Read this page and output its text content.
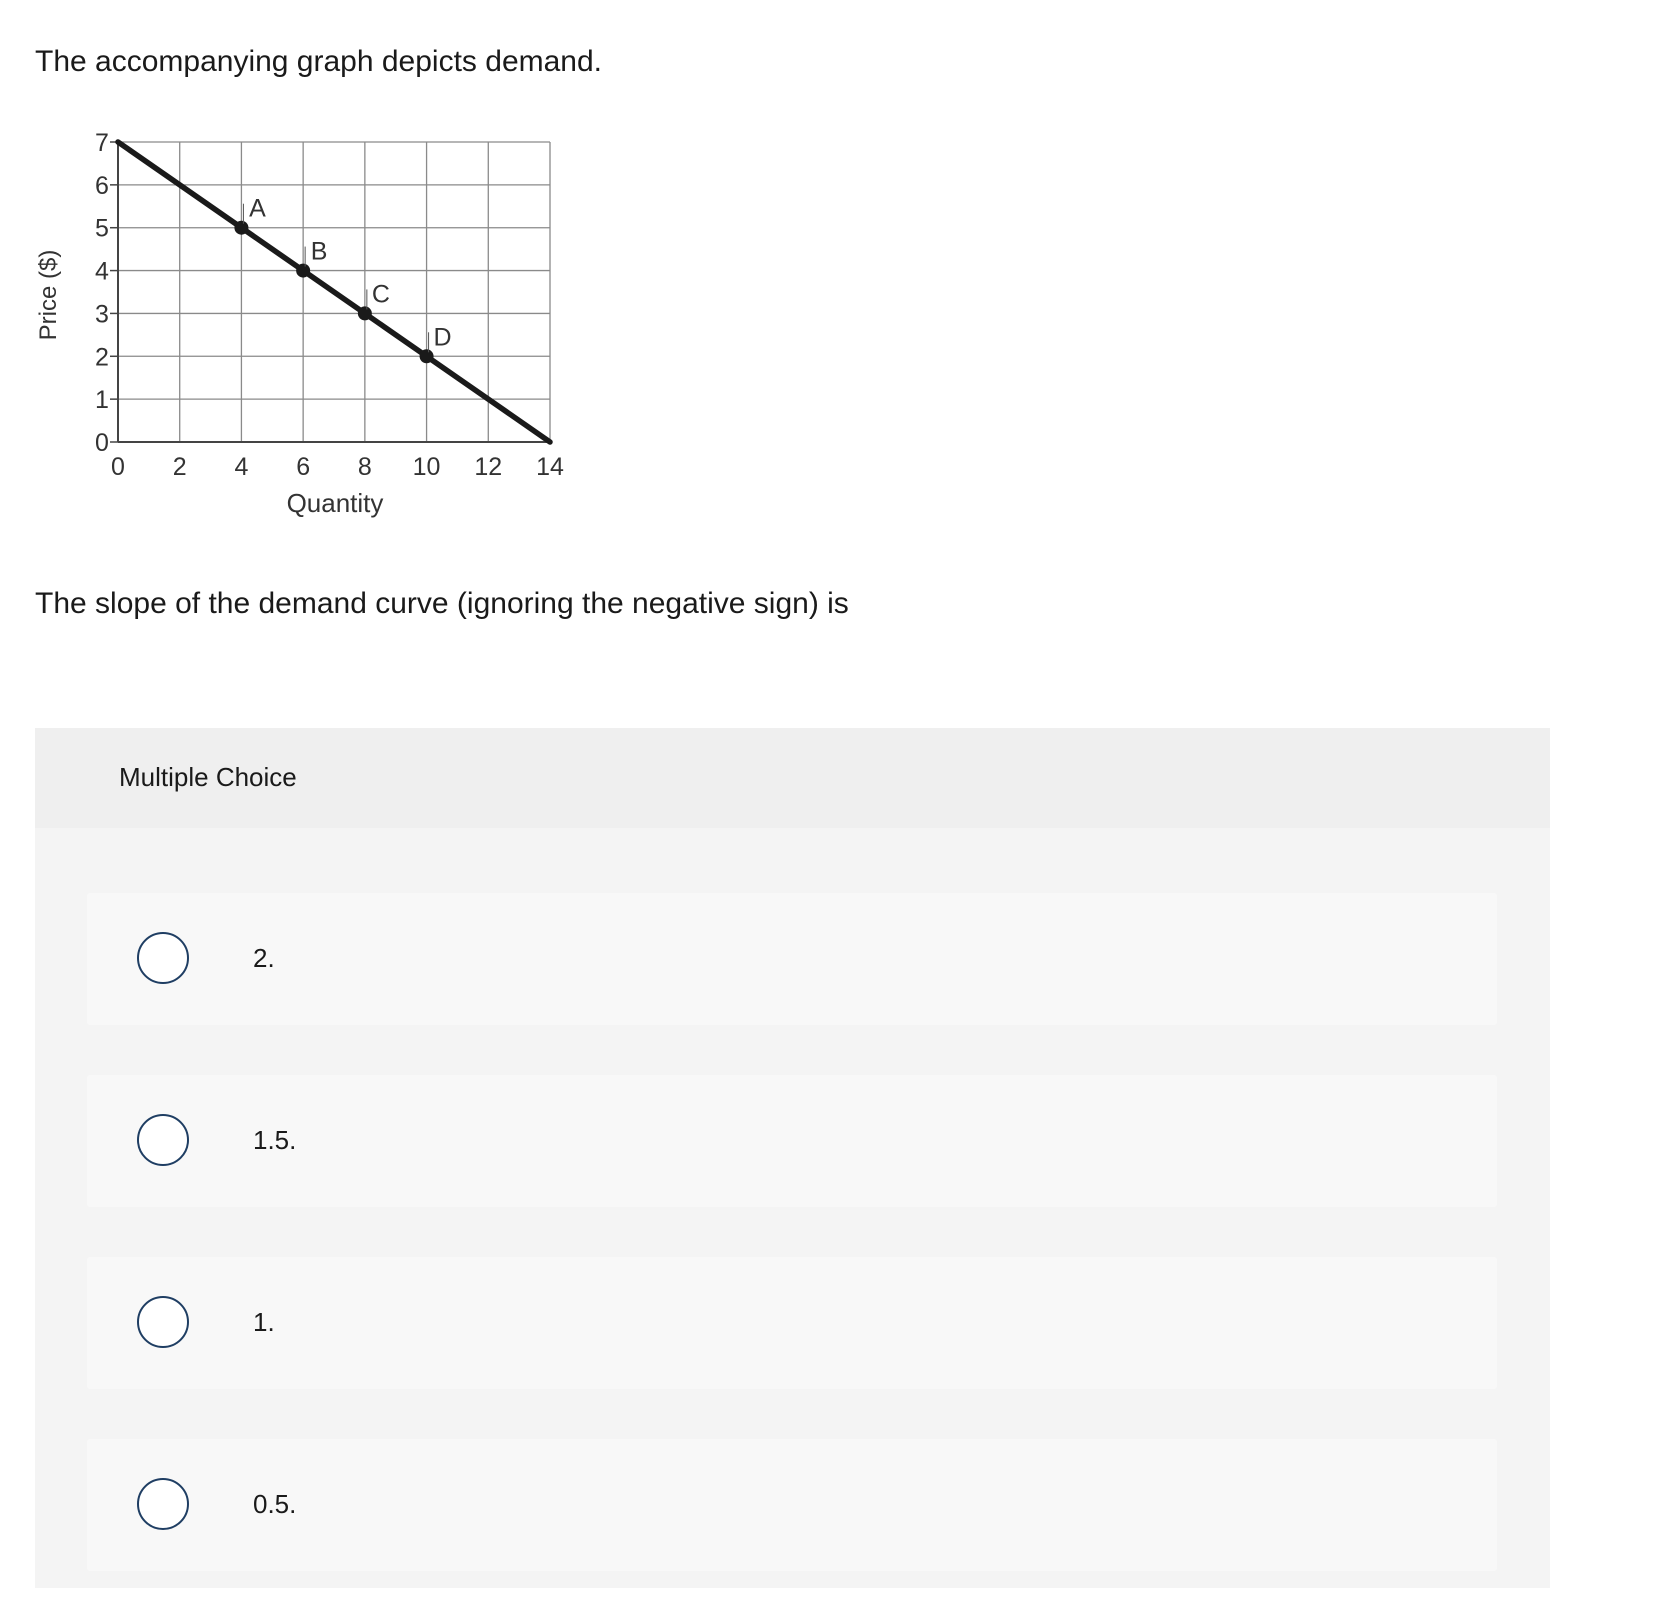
The accompanying graph depicts demand.

0 2 4 6 8 10 12 14
0
1
2
3
4
5
6
7
A
B
C
D
Quantity
Price ($)

The slope of the demand curve (ignoring the negative sign) is

Multiple Choice
2.
1.5.
1.
0.5.
